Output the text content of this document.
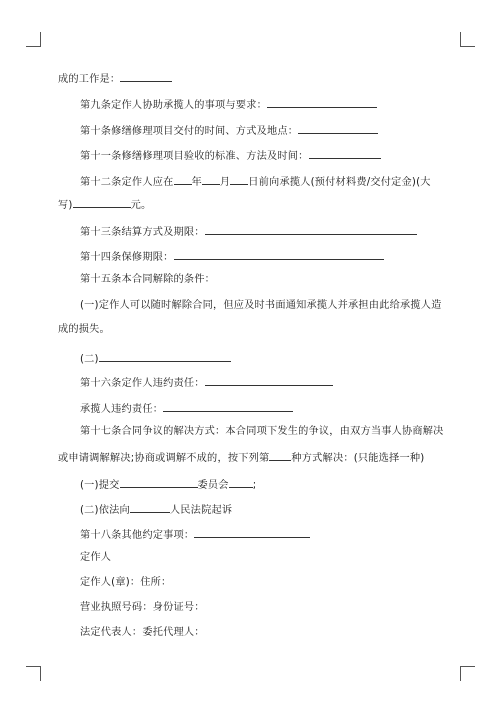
成的工作是：
第九条定作人协助承揽人的事项与要求：
第十条修缮修理项目交付的时间、方式及地点：
第十一条修缮修理项目验收的标准、方法及时间：
第十二条定作人应在 年 月 日前向承揽人(预付材料费/交付定金)(大
写)	元。
第十三条结算方式及期限：
第十四条保修期限：
第十五条本合同解除的条件：
(一)定作人可以随时解除合同，但应及时书面通知承揽人并承担由此给承揽人造
成的损失。
(二)
第十六条定作人违约责任：
承揽人违约责任：
第十七条合同争议的解决方式：本合同项下发生的争议，由双方当事人协商解决
或申请调解解决;协商或调解不成的，按下列第 种方式解决：(只能选择一种)
(一)提交	委员会 ;
(二)依法向	人民法院起诉
第十八条其他约定事项：
定作人
定作人(章)：住所：
营业执照号码：身份证号：
法定代表人：委托代理人：
